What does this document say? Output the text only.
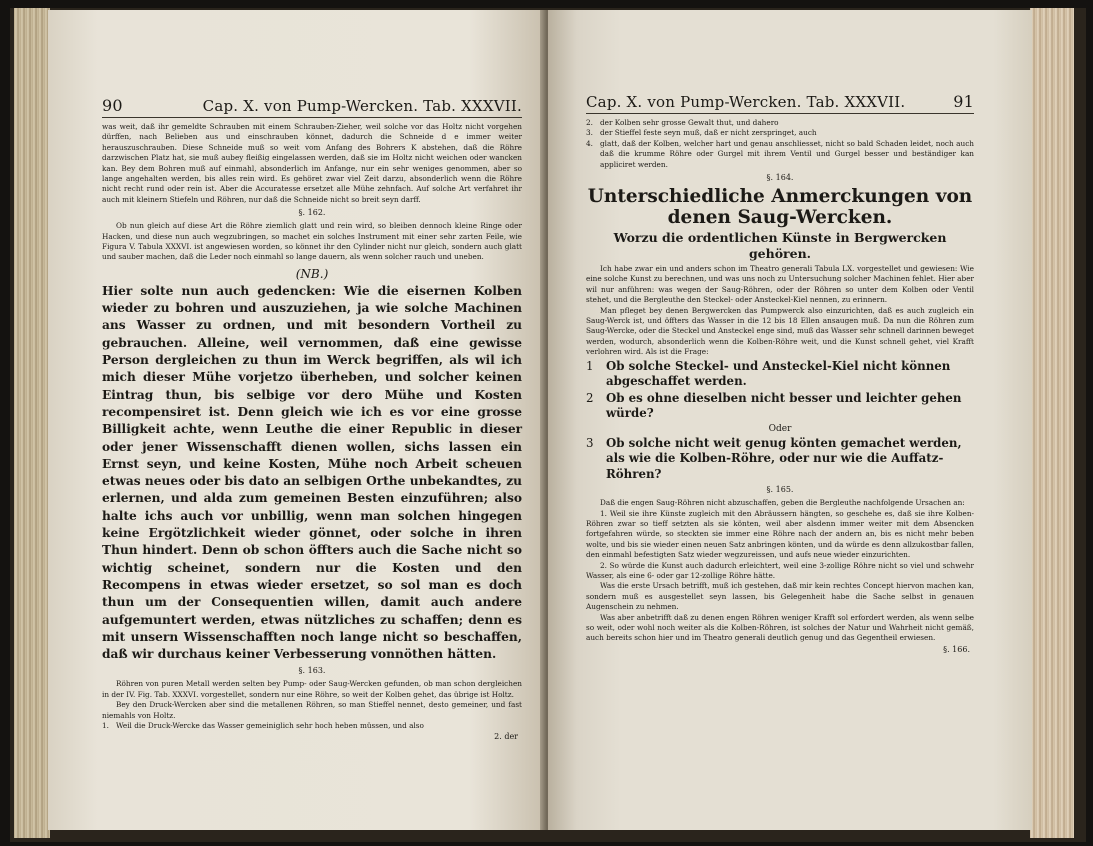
90	Cap. X. von Pump-Wercken. Tab. XXXVII.

was weit, daß ihr gemeldte Schrauben mit einem Schrauben-Zieher, weil solche vor das Holtz nicht vorgehen dürffen, nach Belieben aus und einschrauben könnet, dadurch die Schneide d e immer weiter herauszuschrauben. Diese Schneide muß so weit vom Anfang des Bohrers K abstehen, daß die Röhre darzwischen Platz hat, sie muß aubey fleißig eingelassen werden, daß sie im Holtz nicht weichen oder wancken kan. Bey dem Bohren muß auf einmahl, absonderlich im Anfange, nur ein sehr weniges genommen, aber so lange angehalten werden, bis alles rein wird. Es gehöret zwar viel Zeit darzu, absonderlich wenn die Röhre nicht recht rund oder rein ist. Aber die Accuratesse ersetzet alle Mühe zehnfach. Auf solche Art verfahret ihr auch mit kleinern Stiefeln und Röhren, nur daß die Schneide nicht so breit seyn darff.

§. 162.

Ob nun gleich auf diese Art die Röhre ziemlich glatt und rein wird, so bleiben dennoch kleine Ringe oder Hacken, und diese nun auch wegzubringen, so machet ein solches Instrument mit einer sehr zarten Feile, wie Figura V. Tabula XXXVI. ist angewiesen worden, so könnet ihr den Cylinder nicht nur gleich, sondern auch glatt und sauber machen, daß die Leder noch einmahl so lange dauern, als wenn solcher rauch und uneben.

(NB.)

Hier solte nun auch gedencken: Wie die eisernen Kolben wieder zu bohren und auszuziehen, ja wie solche Machinen ans Wasser zu ordnen, und mit besondern Vortheil zu gebrauchen. Alleine, weil vernommen, daß eine gewisse Person dergleichen zu thun im Werck begriffen, als wil ich mich dieser Mühe vorjetzo überheben, und solcher keinen Eintrag thun, bis selbige vor dero Mühe und Kosten recompensiret ist. Denn gleich wie ich es vor eine grosse Billigkeit achte, wenn Leuthe die einer Republic in dieser oder jener Wissenschafft dienen wollen, sichs lassen ein Ernst seyn, und keine Kosten, Mühe noch Arbeit scheuen etwas neues oder bis dato an selbigen Orthe unbekandtes, zu erlernen, und alda zum gemeinen Besten einzuführen; also halte ichs auch vor unbillig, wenn man solchen hingegen keine Ergötzlichkeit wieder gönnet, oder solche in ihren Thun hindert. Denn ob schon öffters auch die Sache nicht so wichtig scheinet, sondern nur die Kosten und den Recompens in etwas wieder ersetzet, so sol man es doch thun um der Consequentien willen, damit auch andere aufgemuntert werden, etwas nützliches zu schaffen; denn es mit unsern Wissenschafften noch lange nicht so beschaffen, daß wir durchaus keiner Verbesserung vonnöthen hätten.

§. 163.

Röhren von puren Metall werden selten bey Pump- oder Saug-Wercken gefunden, ob man schon dergleichen in der IV. Fig. Tab. XXXVI. vorgestellet, sondern nur eine Röhre, so weit der Kolben gehet, das übrige ist Holtz.

Bey den Druck-Wercken aber sind die metallenen Röhren, so man Stieffel nennet, desto gemeiner, und fast niemahls von Holtz.

1. Weil die Druck-Wercke das Wasser gemeiniglich sehr hoch heben müssen, und also
2. der
Cap. X. von Pump-Wercken. Tab. XXXVII.	91
2. der Kolben sehr grosse Gewalt thut, und dahero
3. der Stieffel feste seyn muß, daß er nicht zerspringet, auch
4. glatt, daß der Kolben, welcher hart und genau anschliesset, nicht so bald Schaden leidet, noch auch daß die krumme Röhre oder Gurgel mit ihrem Ventil und Gurgel besser und beständiger kan appliciret werden.
§. 164.
Unterschiedliche Anmerckungen von denen Saug-Wercken.
Worzu die ordentlichen Künste in Bergwercken gehören.

Ich habe zwar ein und anders schon im Theatro generali Tabula LX. vorgestellet und gewiesen: Wie eine solche Kunst zu berechnen, und was uns noch zu Untersuchung solcher Machinen fehlet. Hier aber wil nur anführen: was wegen der Saug-Röhren, oder der Röhren so unter dem Kolben oder Ventil stehet, und die Bergleuthe den Steckel- oder Ansteckel-Kiel nennen, zu erinnern.

Man pfleget bey denen Bergwercken das Pumpwerck also einzurichten, daß es auch zugleich ein Saug-Werck ist, und öffters das Wasser in die 12 bis 18 Ellen ansaugen muß. Da nun die Röhren zum Saug-Wercke, oder die Steckel und Ansteckel enge sind, muß das Wasser sehr schnell darinnen beweget werden, wodurch, absonderlich wenn die Kolben-Röhre weit, und die Kunst schnell gehet, viel Krafft verlohren wird. Als ist die Frage:

1	Ob solche Steckel- und Ansteckel-Kiel nicht können abgeschaffet werden.
2	Ob es ohne dieselben nicht besser und leichter gehen würde?
Oder
3	Ob solche nicht weit genug könten gemachet werden, als wie die Kolben-Röhre, oder nur wie die Auffatz-Röhren?
§. 165.

Daß die engen Saug-Röhren nicht abzuschaffen, geben die Bergleuthe nachfolgende Ursachen an:

1. Weil sie ihre Künste zugleich mit den Abräussern hängten, so geschehe es, daß sie ihre Kolben-Röhren zwar so tieff setzten als sie könten, weil aber alsdenn immer weiter mit dem Absencken fortgefahren würde, so steckten sie immer eine Röhre nach der andern an, bis es nicht mehr beben wolte, und bis sie wieder einen neuen Satz anbringen könten, und da würde es denn allzukostbar fallen, den einmahl befestigten Satz wieder wegzureissen, und aufs neue wieder einzurichten.

2. So würde die Kunst auch dadurch erleichtert, weil eine 3-zollige Röhre nicht so viel und schwehr Wasser, als eine 6- oder gar 12-zollige Röhre hätte.

Was die erste Ursach betrifft, muß ich gestehen, daß mir kein rechtes Concept hiervon machen kan, sondern muß es ausgestellet seyn lassen, bis Gelegenheit habe die Sache selbst in genauen Augenschein zu nehmen.

Was aber anbetrifft daß zu denen engen Röhren weniger Krafft sol erfordert werden, als wenn selbe so weit, oder wohl noch weiter als die Kolben-Röhren, ist solches der Natur und Wahrheit nicht gemäß, auch bereits schon hier und im Theatro generali deutlich genug und das Gegentheil erwiesen.

§. 166.
